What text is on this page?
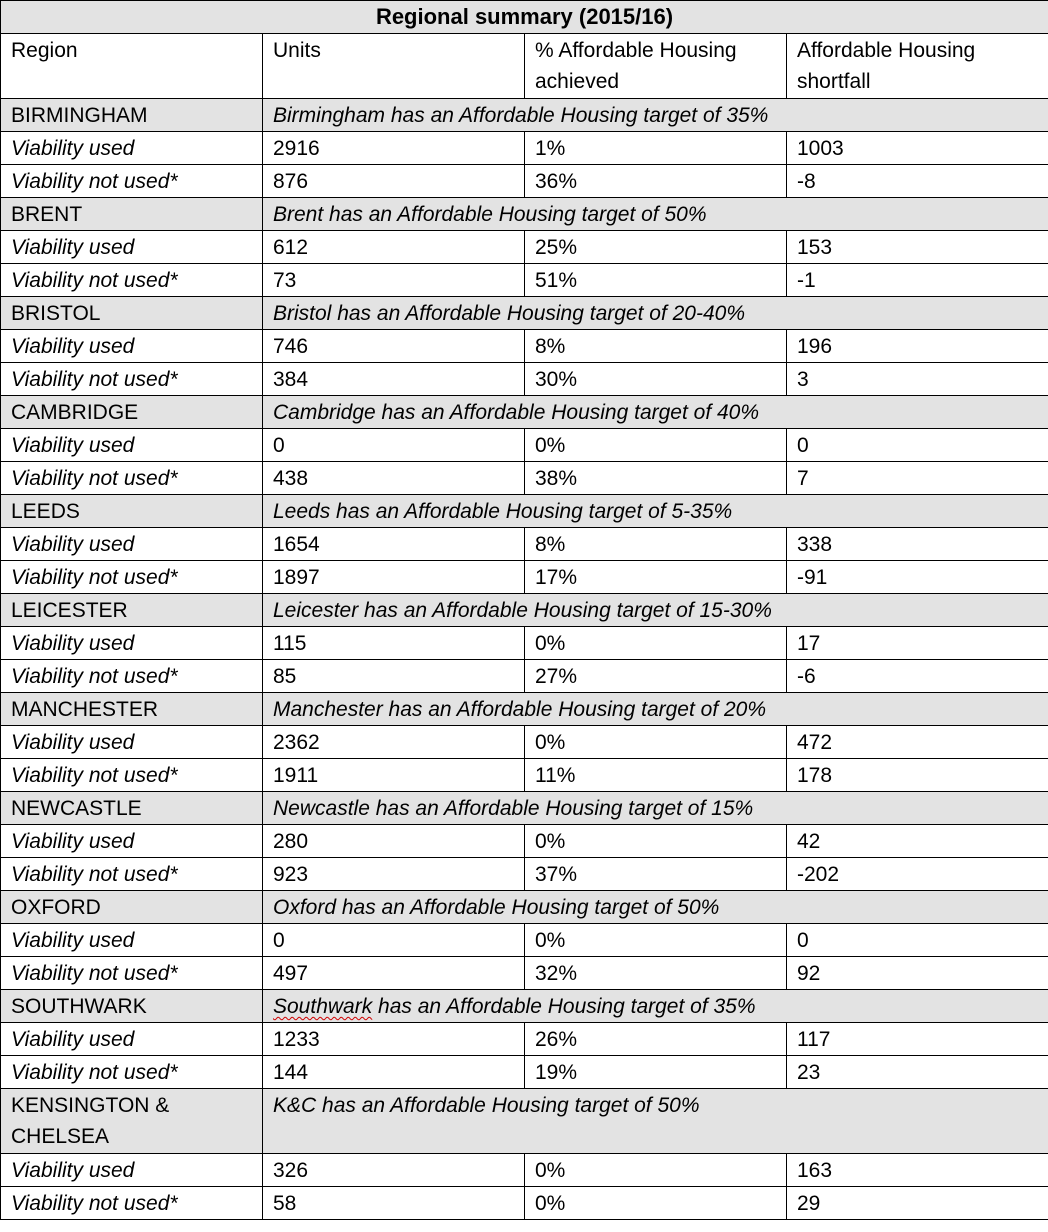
Regional summary (2015/16)			
Region	Units	% Affordable Housing achieved	Affordable Housing shortfall
BIRMINGHAM	Birmingham has an Affordable Housing target of 35%		
Viability used	2916	1%	1003
Viability not used*	876	36%	-8
BRENT	Brent has an Affordable Housing target of 50%		
Viability used	612	25%	153
Viability not used*	73	51%	-1
BRISTOL	Bristol has an Affordable Housing target of 20-40%		
Viability used	746	8%	196
Viability not used*	384	30%	3
CAMBRIDGE	Cambridge has an Affordable Housing target of 40%		
Viability used	0	0%	0
Viability not used*	438	38%	7
LEEDS	Leeds has an Affordable Housing target of 5-35%		
Viability used	1654	8%	338
Viability not used*	1897	17%	-91
LEICESTER	Leicester has an Affordable Housing target of 15-30%		
Viability used	115	0%	17
Viability not used*	85	27%	-6
MANCHESTER	Manchester has an Affordable Housing target of 20%		
Viability used	2362	0%	472
Viability not used*	1911	11%	178
NEWCASTLE	Newcastle has an Affordable Housing target of 15%		
Viability used	280	0%	42
Viability not used*	923	37%	-202
OXFORD	Oxford has an Affordable Housing target of 50%		
Viability used	0	0%	0
Viability not used*	497	32%	92
SOUTHWARK	Southwark has an Affordable Housing target of 35%		
Viability used	1233	26%	117
Viability not used*	144	19%	23
KENSINGTON & CHELSEA	K&C has an Affordable Housing target of 50%		
Viability used	326	0%	163
Viability not used*	58	0%	29
